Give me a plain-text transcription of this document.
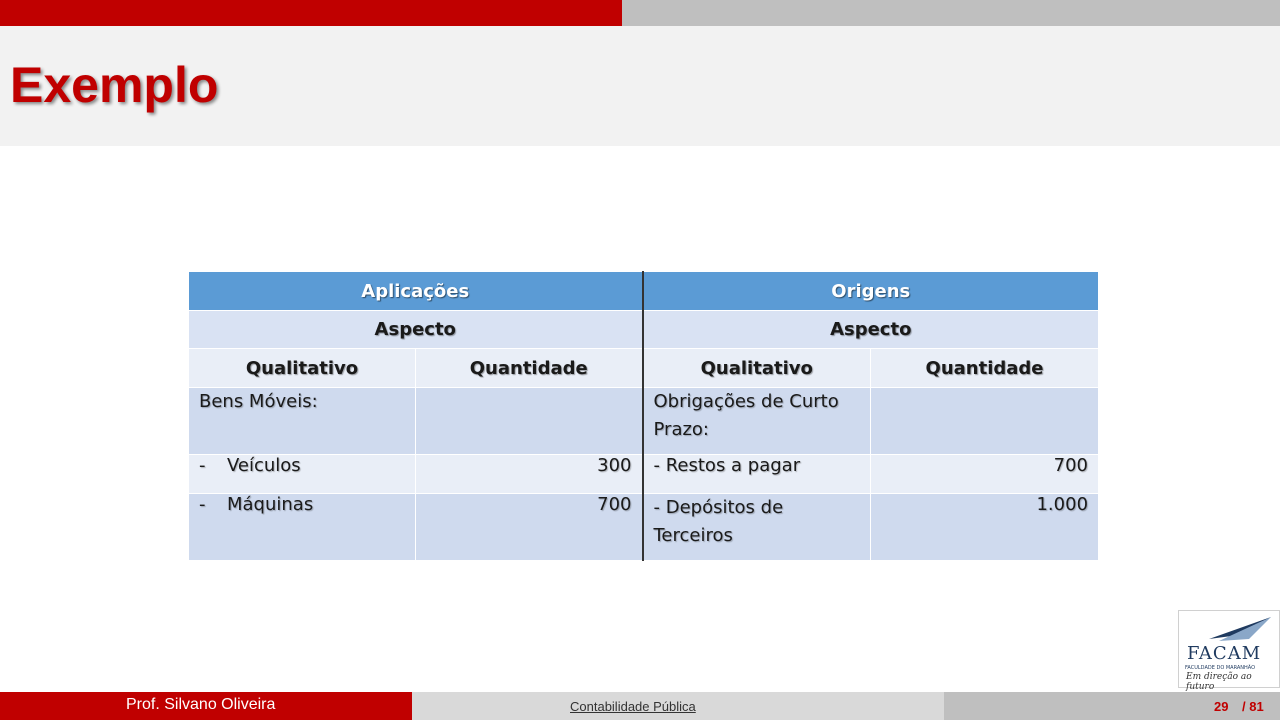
Exemplo
Aplicações		Origens	
Aspecto		Aspecto	
Qualitativo	Quantidade	Qualitativo	Quantidade
Bens Móveis:		Obrigações de Curto Prazo:	
- Veículos	300	- Restos a pagar	700
- Máquinas	700	- Depósitos de Terceiros	1.000
FACAM
FACULDADE DO MARANHÃO
Em direção ao futuro
Prof. Silvano Oliveira	Contabilidade Pública	29 / 81
